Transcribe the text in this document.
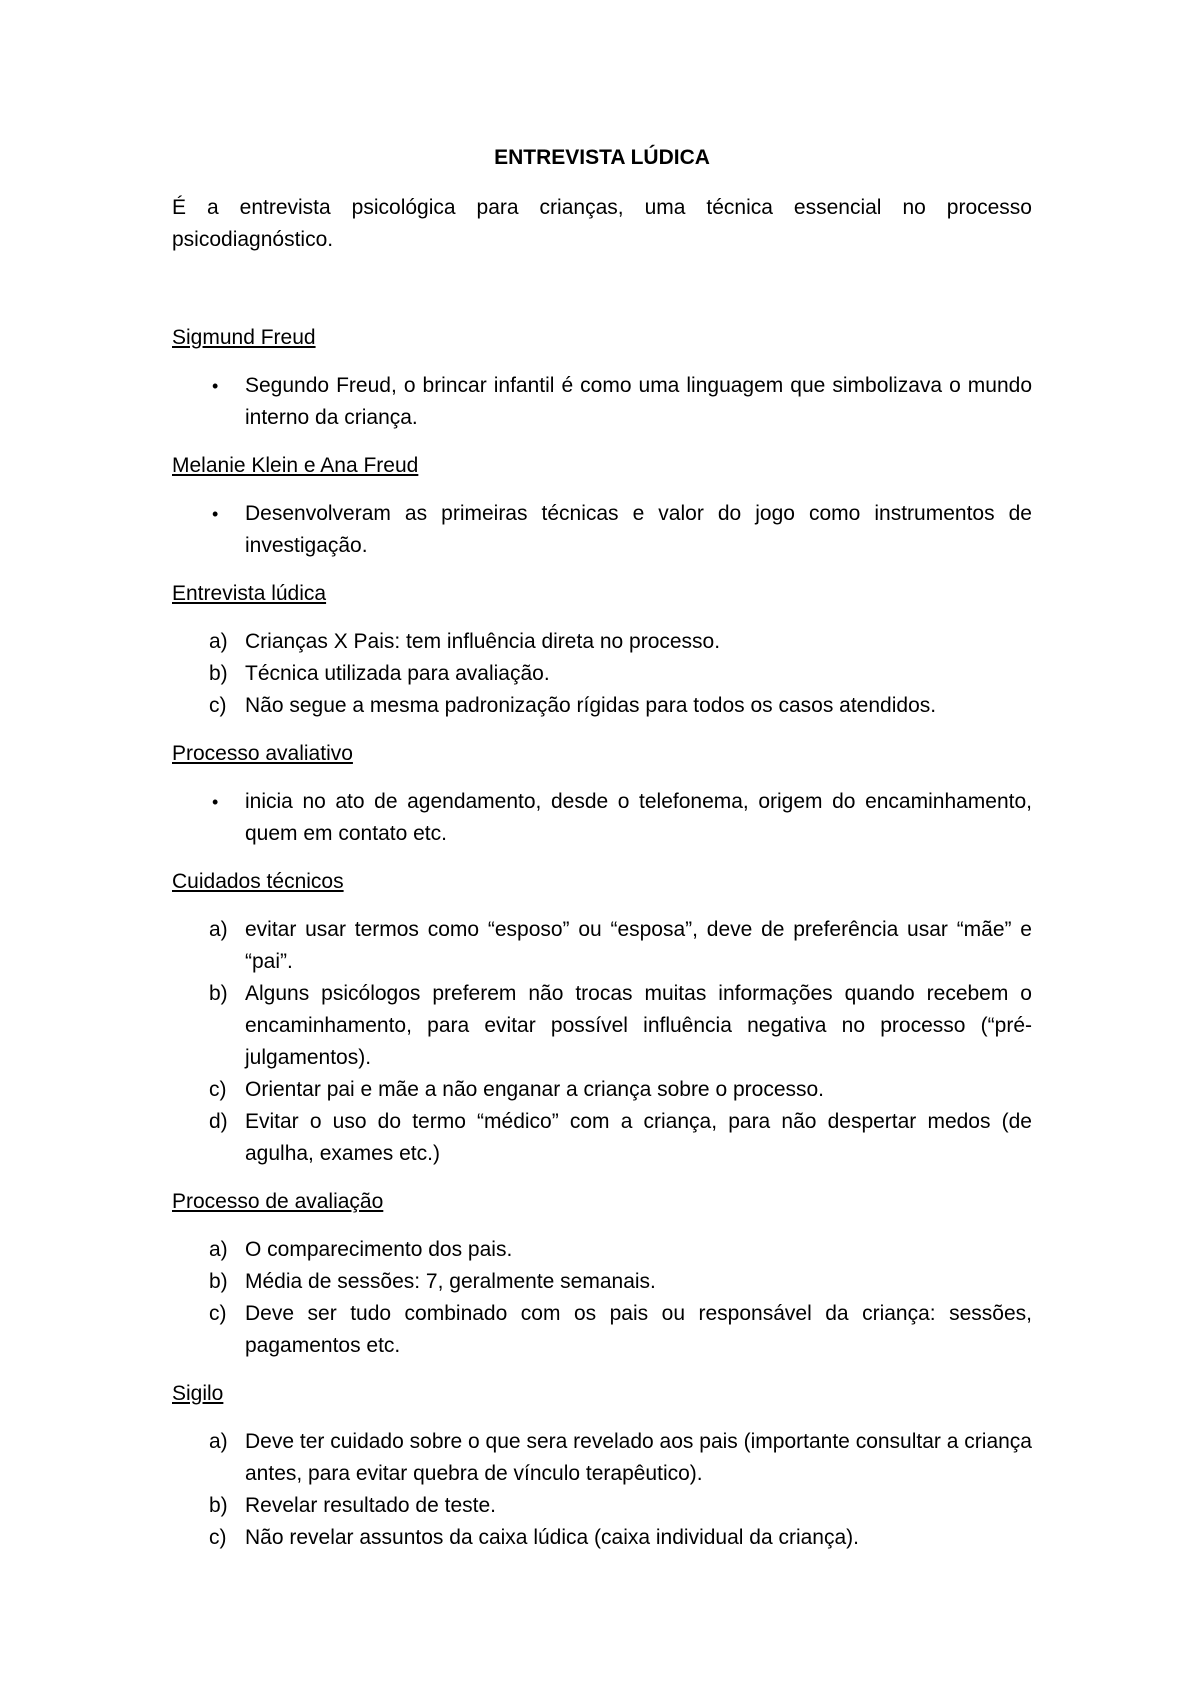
ENTREVISTA LÚDICA

É a entrevista psicológica para crianças, uma técnica essencial no processo psicodiagnóstico.

Sigmund Freud
• Segundo Freud, o brincar infantil é como uma linguagem que simbolizava o mundo interno da criança.
Melanie Klein e Ana Freud
• Desenvolveram as primeiras técnicas e valor do jogo como instrumentos de investigação.
Entrevista lúdica
a) Crianças X Pais: tem influência direta no processo.
b) Técnica utilizada para avaliação.
c) Não segue a mesma padronização rígidas para todos os casos atendidos.
Processo avaliativo
• inicia no ato de agendamento, desde o telefonema, origem do encaminhamento, quem em contato etc.
Cuidados técnicos
a) evitar usar termos como “esposo” ou “esposa”, deve de preferência usar “mãe” e “pai”.
b) Alguns psicólogos preferem não trocas muitas informações quando recebem o encaminhamento, para evitar possível influência negativa no processo (“pré-julgamentos).
c) Orientar pai e mãe a não enganar a criança sobre o processo.
d) Evitar o uso do termo “médico” com a criança, para não despertar medos (de agulha, exames etc.)
Processo de avaliação
a) O comparecimento dos pais.
b) Média de sessões: 7, geralmente semanais.
c) Deve ser tudo combinado com os pais ou responsável da criança: sessões, pagamentos etc.
Sigilo
a) Deve ter cuidado sobre o que sera revelado aos pais (importante consultar a criança antes, para evitar quebra de vínculo terapêutico).
b) Revelar resultado de teste.
c) Não revelar assuntos da caixa lúdica (caixa individual da criança).
